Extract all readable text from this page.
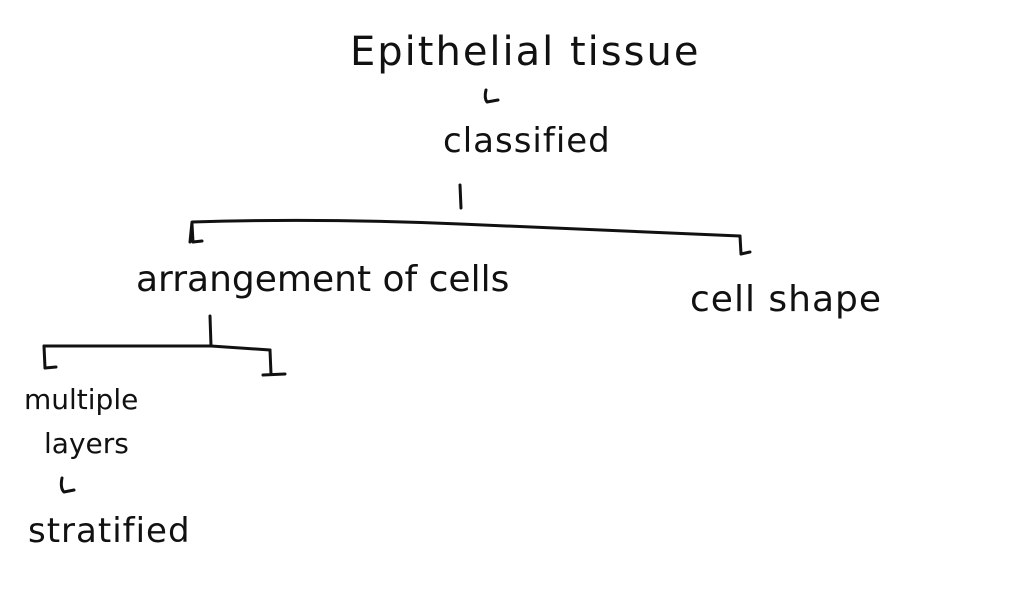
Epithelial tissue
classified
arrangement of cells	cell shape
multiple
layers
stratified
